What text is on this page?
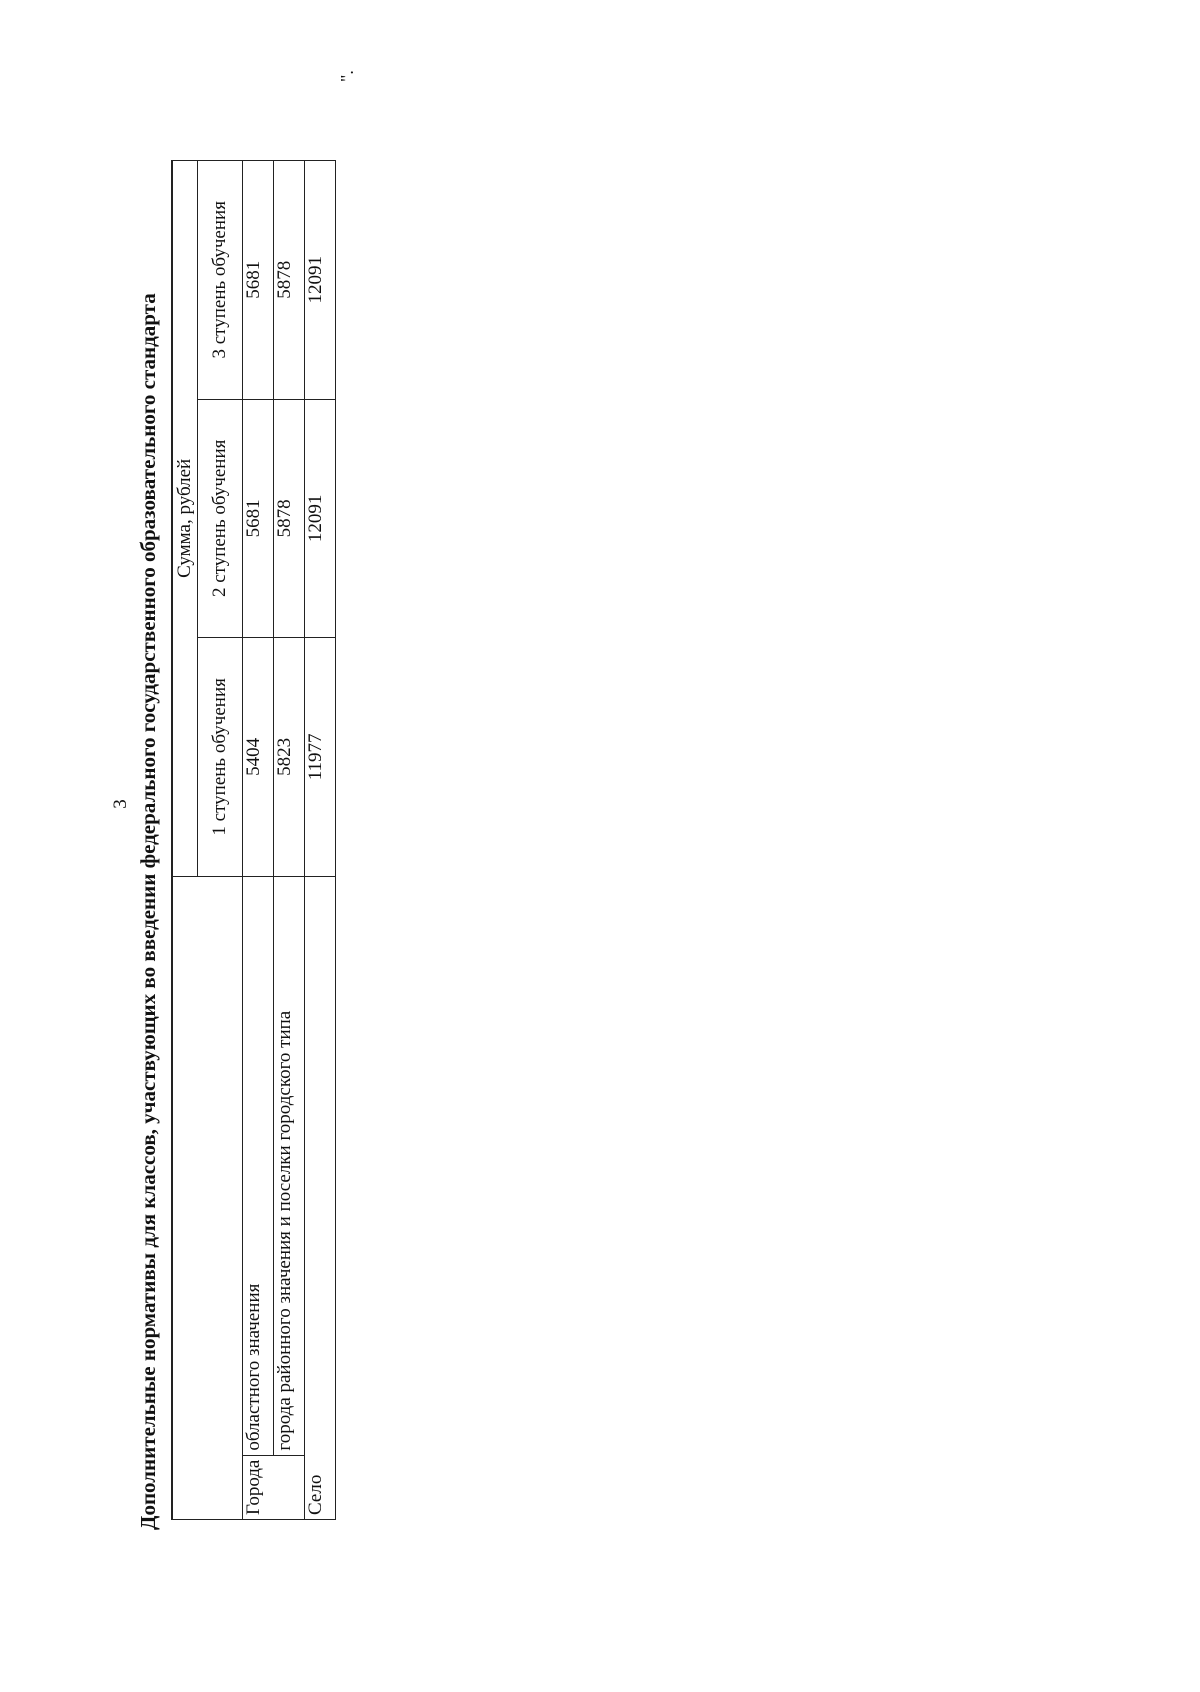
3 Дополнительные нормативы для классов, участвующих во введении федерального государственного образовательного стандарта
		Сумма, рублей		
		1 ступень обучения	2 ступень обучения	3 ступень обучения
Города	областного значения	5404	5681	5681
	города районного значения и поселки городского типа	5823	5878	5878
Село		11977	12091	12091
".
